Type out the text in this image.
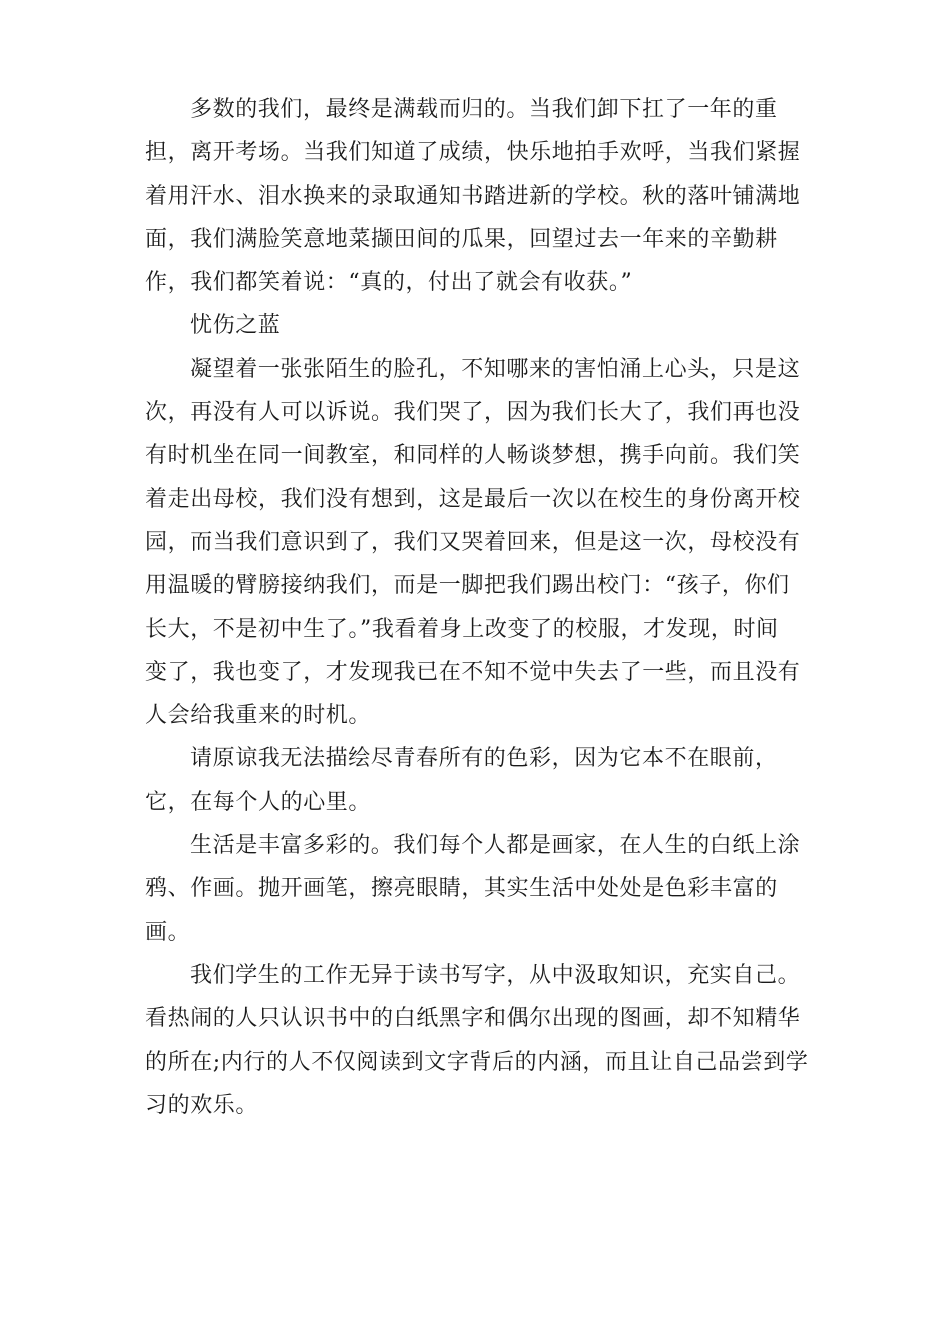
多数的我们，最终是满载而归的。当我们卸下扛了一年的重
担，离开考场。当我们知道了成绩，快乐地拍手欢呼，当我们紧握
着用汗水、泪水换来的录取通知书踏进新的学校。秋的落叶铺满地
面，我们满脸笑意地菜撷田间的瓜果，回望过去一年来的辛勤耕
作，我们都笑着说：“真的，付出了就会有收获。”

忧伤之蓝

凝望着一张张陌生的脸孔，不知哪来的害怕涌上心头，只是这
次，再没有人可以诉说。我们哭了，因为我们长大了，我们再也没
有时机坐在同一间教室，和同样的人畅谈梦想，携手向前。我们笑
着走出母校，我们没有想到，这是最后一次以在校生的身份离开校
园，而当我们意识到了，我们又哭着回来，但是这一次，母校没有
用温暖的臂膀接纳我们，而是一脚把我们踢出校门：“孩子，你们
长大，不是初中生了。”我看着身上改变了的校服，才发现，时间
变了，我也变了，才发现我已在不知不觉中失去了一些，而且没有
人会给我重来的时机。

请原谅我无法描绘尽青春所有的色彩，因为它本不在眼前，
它，在每个人的心里。

生活是丰富多彩的。我们每个人都是画家，在人生的白纸上涂
鸦、作画。抛开画笔，擦亮眼睛，其实生活中处处是色彩丰富的
画。

我们学生的工作无异于读书写字，从中汲取知识，充实自己。
看热闹的人只认识书中的白纸黑字和偶尔出现的图画，却不知精华
的所在;内行的人不仅阅读到文字背后的内涵，而且让自己品尝到学
习的欢乐。
